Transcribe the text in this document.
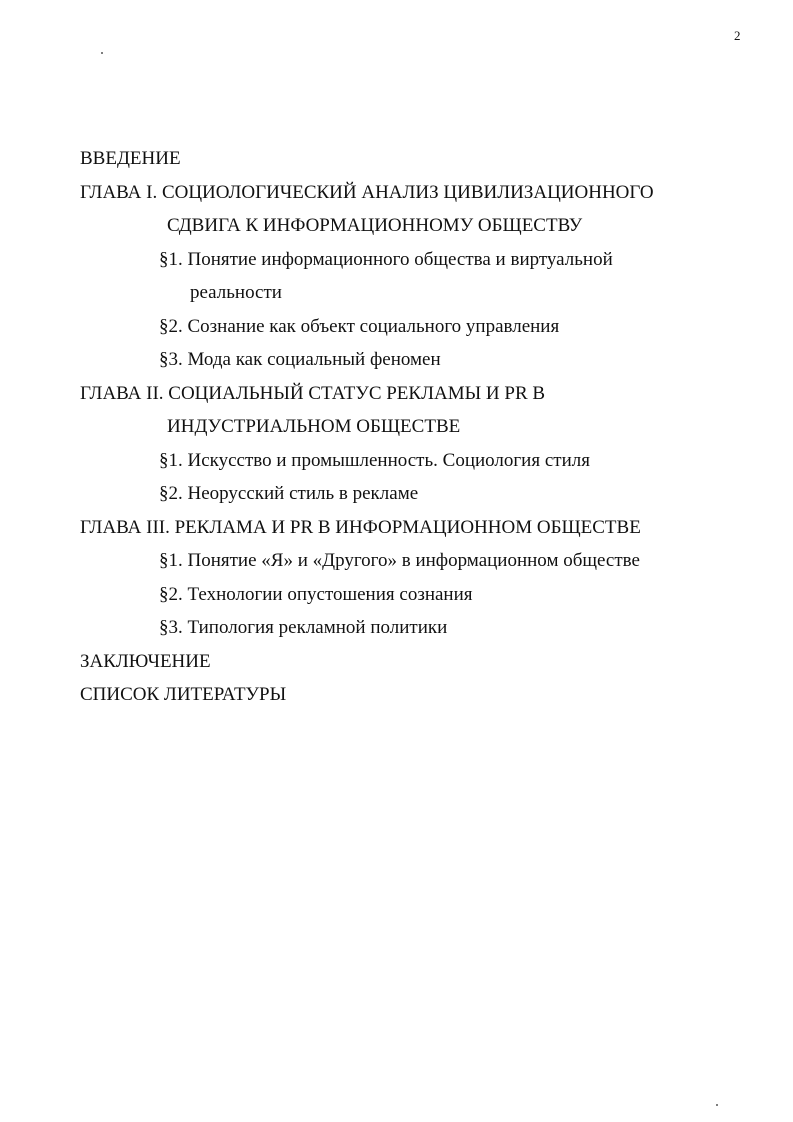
2
ВВЕДЕНИЕ
ГЛАВА I. СОЦИОЛОГИЧЕСКИЙ АНАЛИЗ ЦИВИЛИЗАЦИОННОГО
СДВИГА К ИНФОРМАЦИОННОМУ ОБЩЕСТВУ
§1. Понятие информационного общества и виртуальной
реальности
§2. Сознание как объект социального управления
§3. Мода как социальный феномен
ГЛАВА II. СОЦИАЛЬНЫЙ СТАТУС РЕКЛАМЫ И PR В
ИНДУСТРИАЛЬНОМ ОБЩЕСТВЕ
§1. Искусство и промышленность. Социология стиля
§2. Неорусский стиль в рекламе
ГЛАВА III. РЕКЛАМА И PR В ИНФОРМАЦИОННОМ ОБЩЕСТВЕ
§1. Понятие «Я» и «Другого» в информационном обществе
§2. Технологии опустошения сознания
§3. Типология рекламной политики
ЗАКЛЮЧЕНИЕ
СПИСОК ЛИТЕРАТУРЫ
